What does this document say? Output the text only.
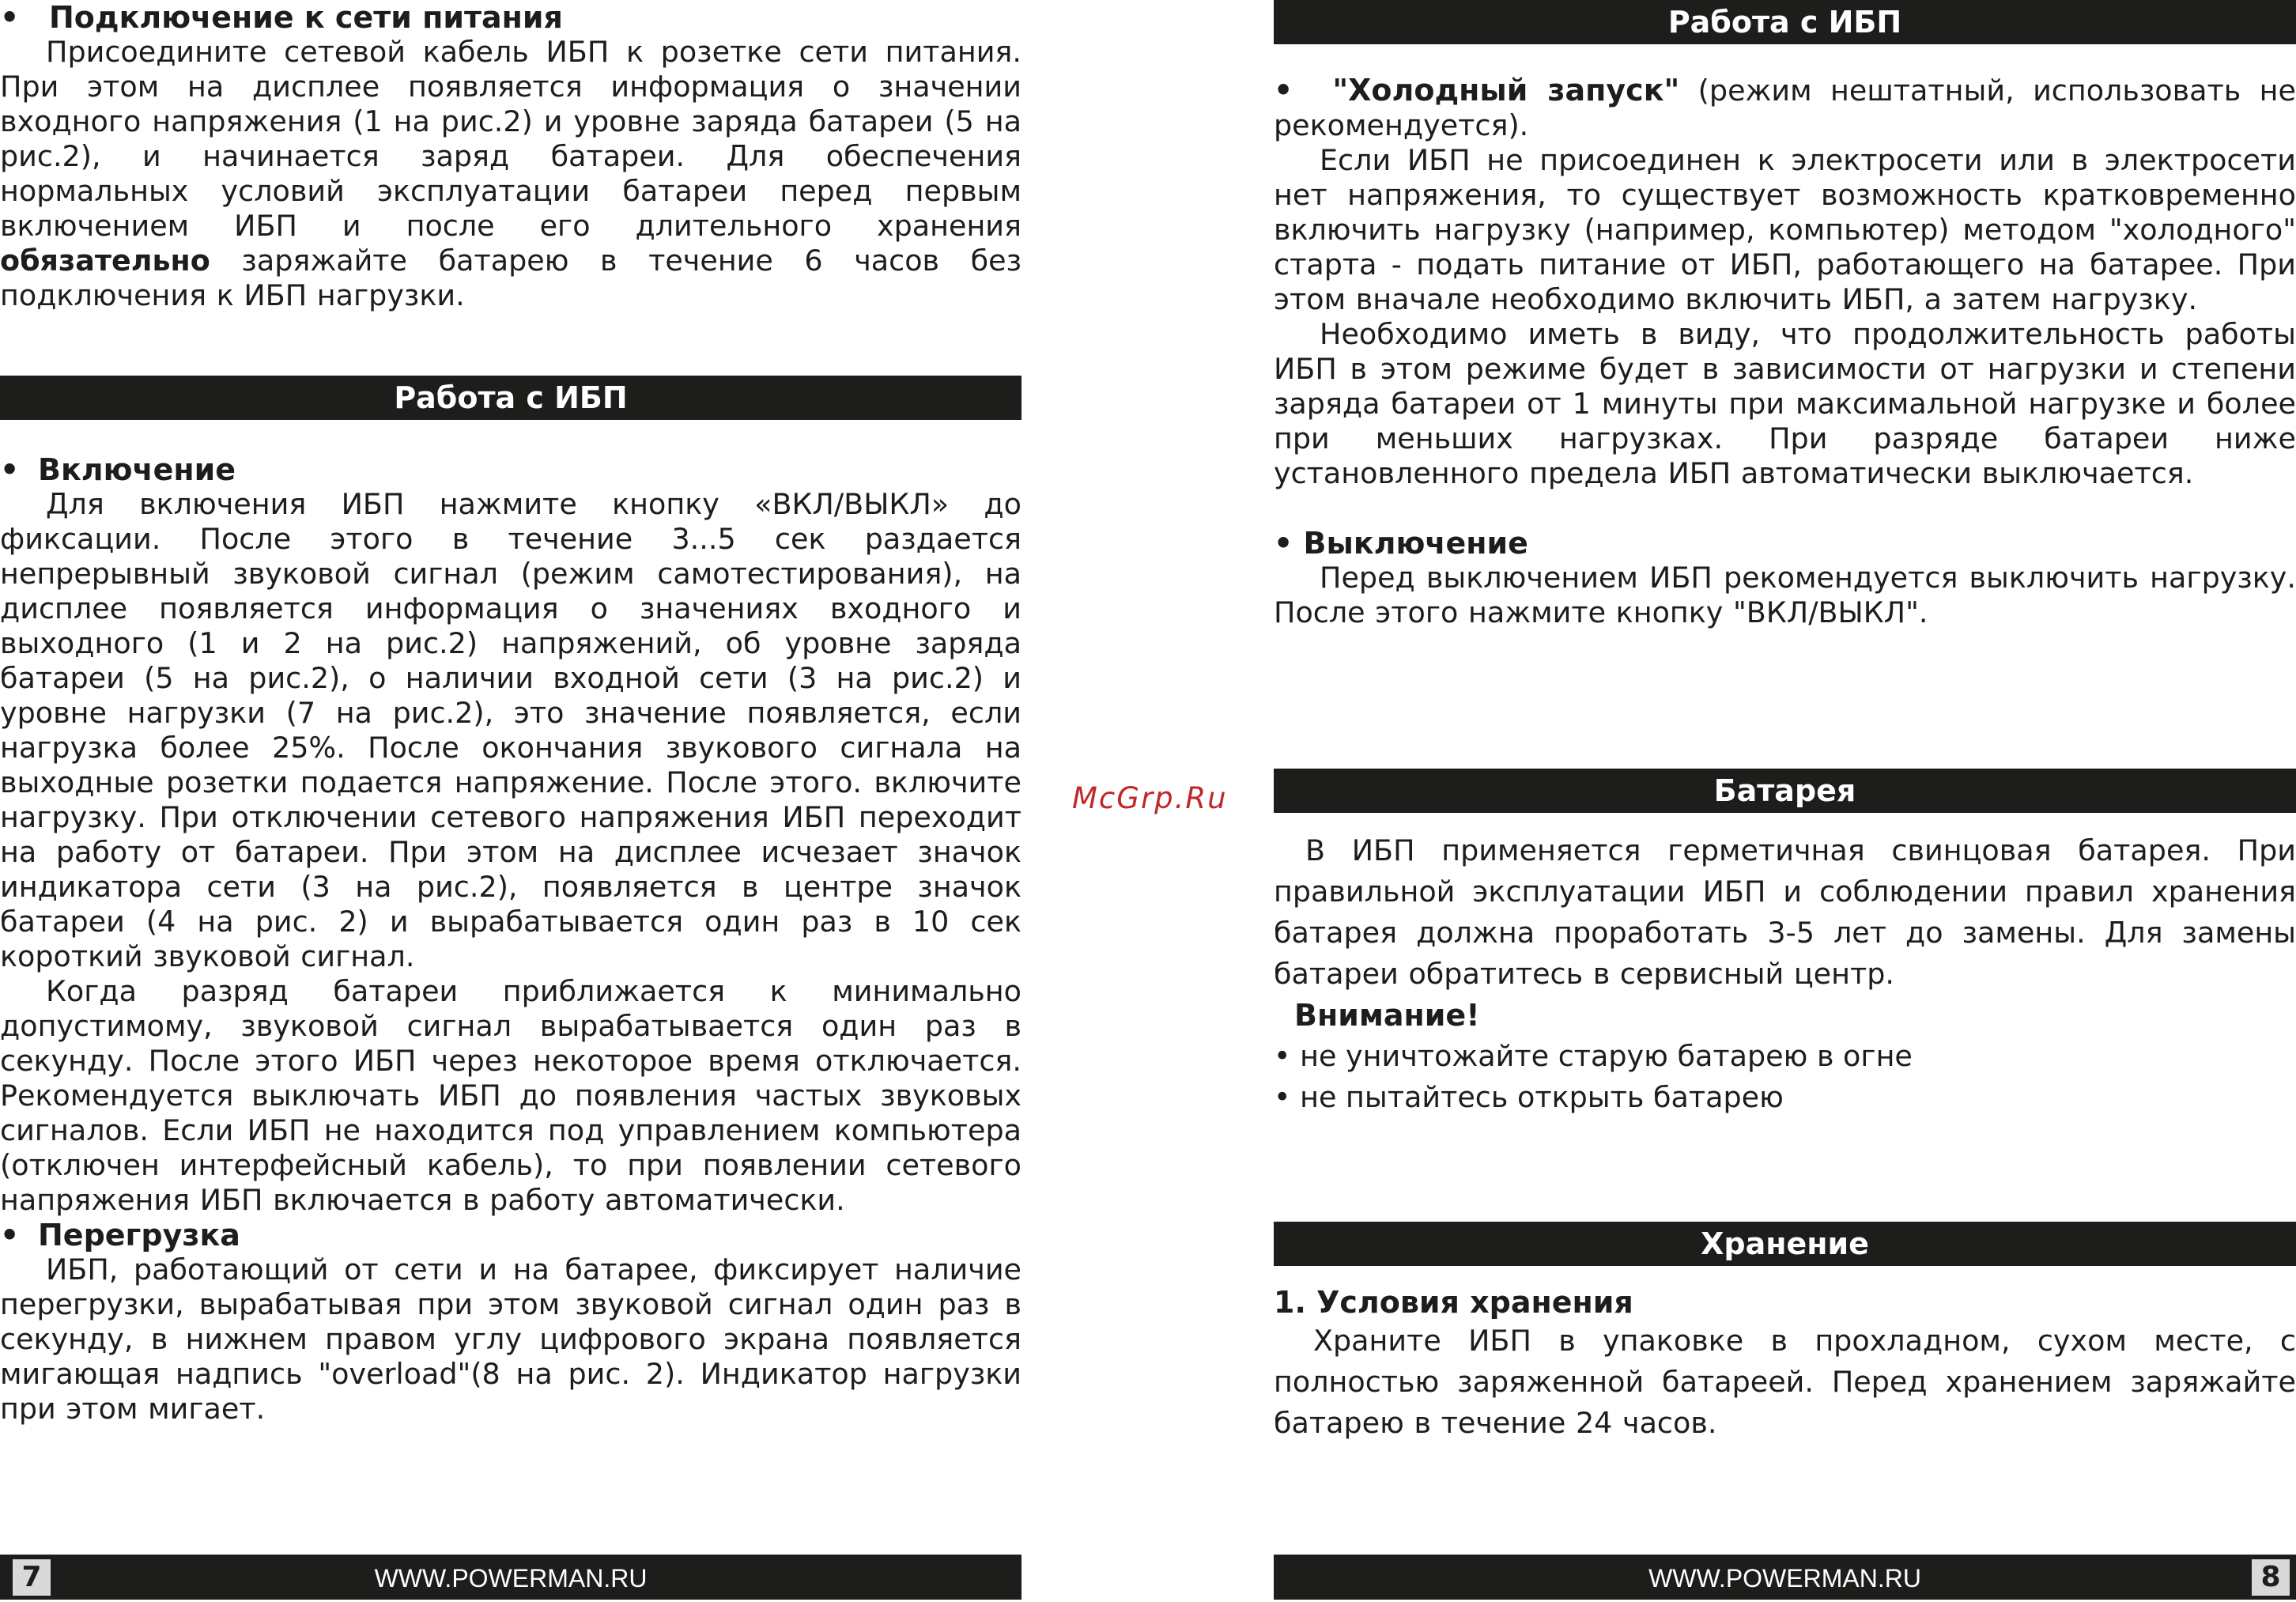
• Подключение к сети питания

Присоедините сетевой кабель ИБП к розетке сети питания. При этом на дисплее появляется информация о значении входного напряжения (1 на рис.2) и уровне заряда батареи (5 на рис.2), и начинается заряд батареи. Для обеспечения нормальных условий эксплуатации батареи перед первым включением ИБП и после его длительного хранения обязательно заряжайте батарею в течение 6 часов без подключения к ИБП нагрузки.

Работа с ИБП

• Включение

Для включения ИБП нажмите кнопку «ВКЛ/ВЫКЛ» до фиксации. После этого в течение 3...5 сек раздается непрерывный звуковой сигнал (режим самотестирования), на дисплее появляется информация о значениях входного и выходного (1 и 2 на рис.2) напряжений, об уровне заряда батареи (5 на рис.2), о наличии входной сети (3 на рис.2) и уровне нагрузки (7 на рис.2), это значение появляется, если нагрузка более 25%. После окончания звукового сигнала на выходные розетки подается напряжение. После этого. включите нагрузку. При отключении сетевого напряжения ИБП переходит на работу от батареи. При этом на дисплее исчезает значок индикатора сети (3 на рис.2), появляется в центре значок батареи (4 на рис. 2) и вырабатывается один раз в 10 сек короткий звуковой сигнал.

Когда разряд батареи приближается к минимально допустимому, звуковой сигнал вырабатывается один раз в секунду. После этого ИБП через некоторое время отключается. Рекомендуется выключать ИБП до появления частых звуковых сигналов. Если ИБП не находится под управлением компьютера (отключен интерфейсный кабель), то при появлении сетевого напряжения ИБП включается в работу автоматически.

• Перегрузка

ИБП, работающий от сети и на батарее, фиксирует наличие перегрузки, вырабатывая при этом звуковой сигнал один раз в секунду, в нижнем правом углу цифрового экрана появляется мигающая надпись "overload"(8 на рис. 2). Индикатор нагрузки при этом мигает.

7	WWW.POWERMAN.RU
McGrp.Ru
Работа с ИБП

•  "Холодный запуск" (режим нештатный, использовать не рекомендуется).

Если ИБП не присоединен к электросети или в электросети нет напряжения, то существует возможность кратковременно включить нагрузку (например, компьютер) методом "холодного" старта - подать питание от ИБП, работающего на батарее. При этом вначале необходимо включить ИБП, а затем нагрузку.

Необходимо иметь в виду, что продолжительность работы ИБП в этом режиме будет в зависимости от нагрузки и степени заряда батареи от 1 минуты при максимальной нагрузке и более при меньших нагрузках. При разряде батареи ниже установленного предела ИБП автоматически выключается.

• Выключение

Перед выключением ИБП рекомендуется выключить нагрузку. После этого нажмите кнопку "ВКЛ/ВЫКЛ".

Батарея

В ИБП применяется герметичная свинцовая батарея. При правильной эксплуатации ИБП и соблюдении правил хранения батарея должна проработать 3-5 лет до замены. Для замены батареи обратитесь в сервисный центр.

Внимание!

• не уничтожайте старую батарею в огне

• не пытайтесь открыть батарею

Хранение

1. Условия хранения

Храните ИБП в упаковке в прохладном, сухом месте, с полностью заряженной батареей. Перед хранением заряжайте батарею в течение 24 часов.

WWW.POWERMAN.RU	8
